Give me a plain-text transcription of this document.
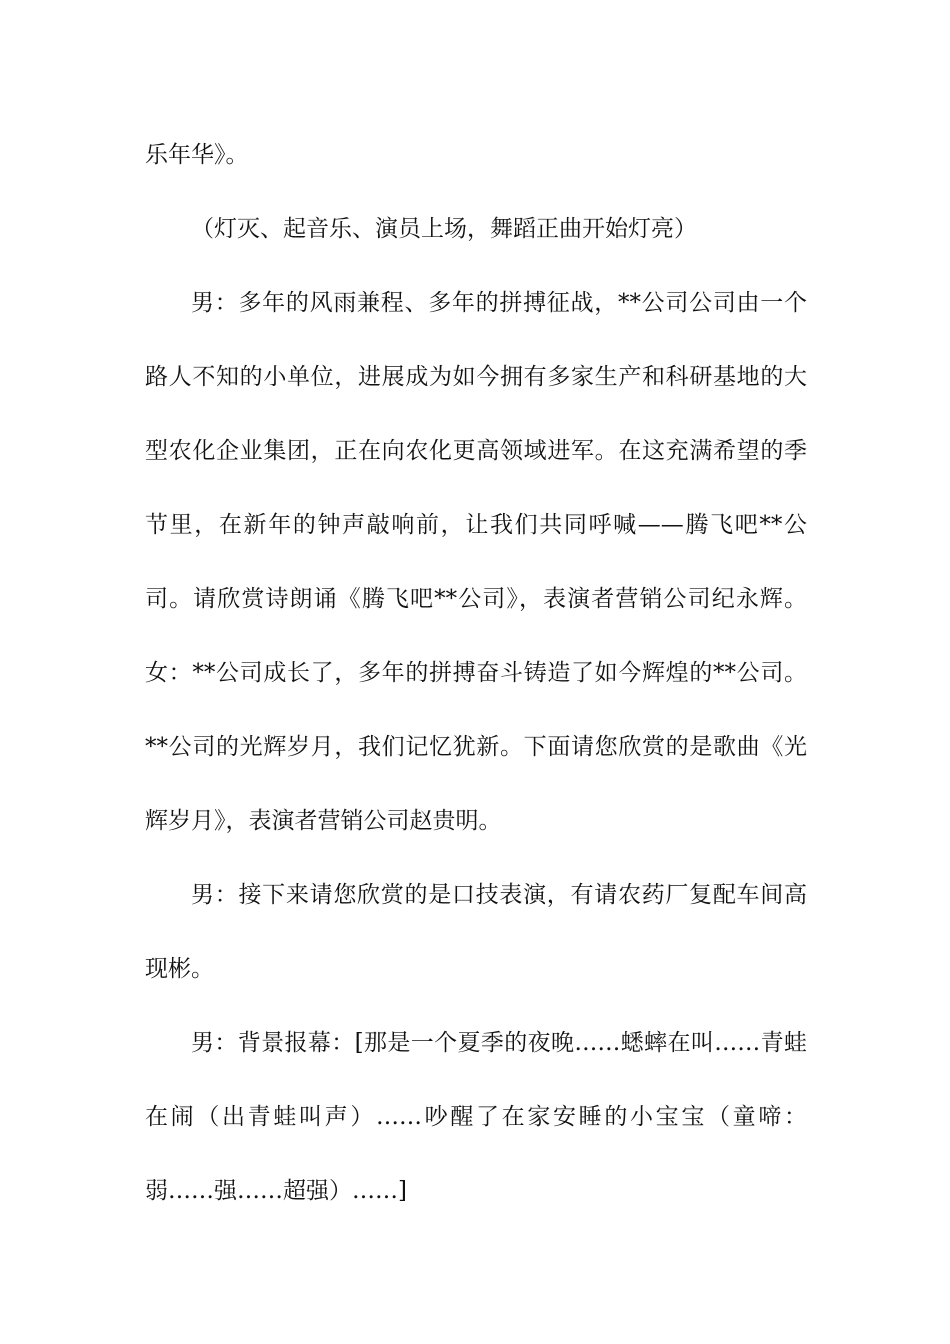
乐年华》。

（灯灭、起音乐、演员上场，舞蹈正曲开始灯亮）

男：多年的风雨兼程、多年的拼搏征战，**公司公司由一个路人不知的小单位，进展成为如今拥有多家生产和科研基地的大型农化企业集团，正在向农化更高领域进军。在这充满希望的季节里，在新年的钟声敲响前，让我们共同呼喊——腾飞吧**公司。请欣赏诗朗诵《腾飞吧**公司》，表演者营销公司纪永辉。女：**公司成长了，多年的拼搏奋斗铸造了如今辉煌的**公司。**公司的光辉岁月，我们记忆犹新。下面请您欣赏的是歌曲《光辉岁月》，表演者营销公司赵贵明。

男：接下来请您欣赏的是口技表演，有请农药厂复配车间高现彬。

男：背景报幕：[那是一个夏季的夜晚……蟋蟀在叫……青蛙在闹（出青蛙叫声）……吵醒了在家安睡的小宝宝（童啼：弱……强……超强）……]
